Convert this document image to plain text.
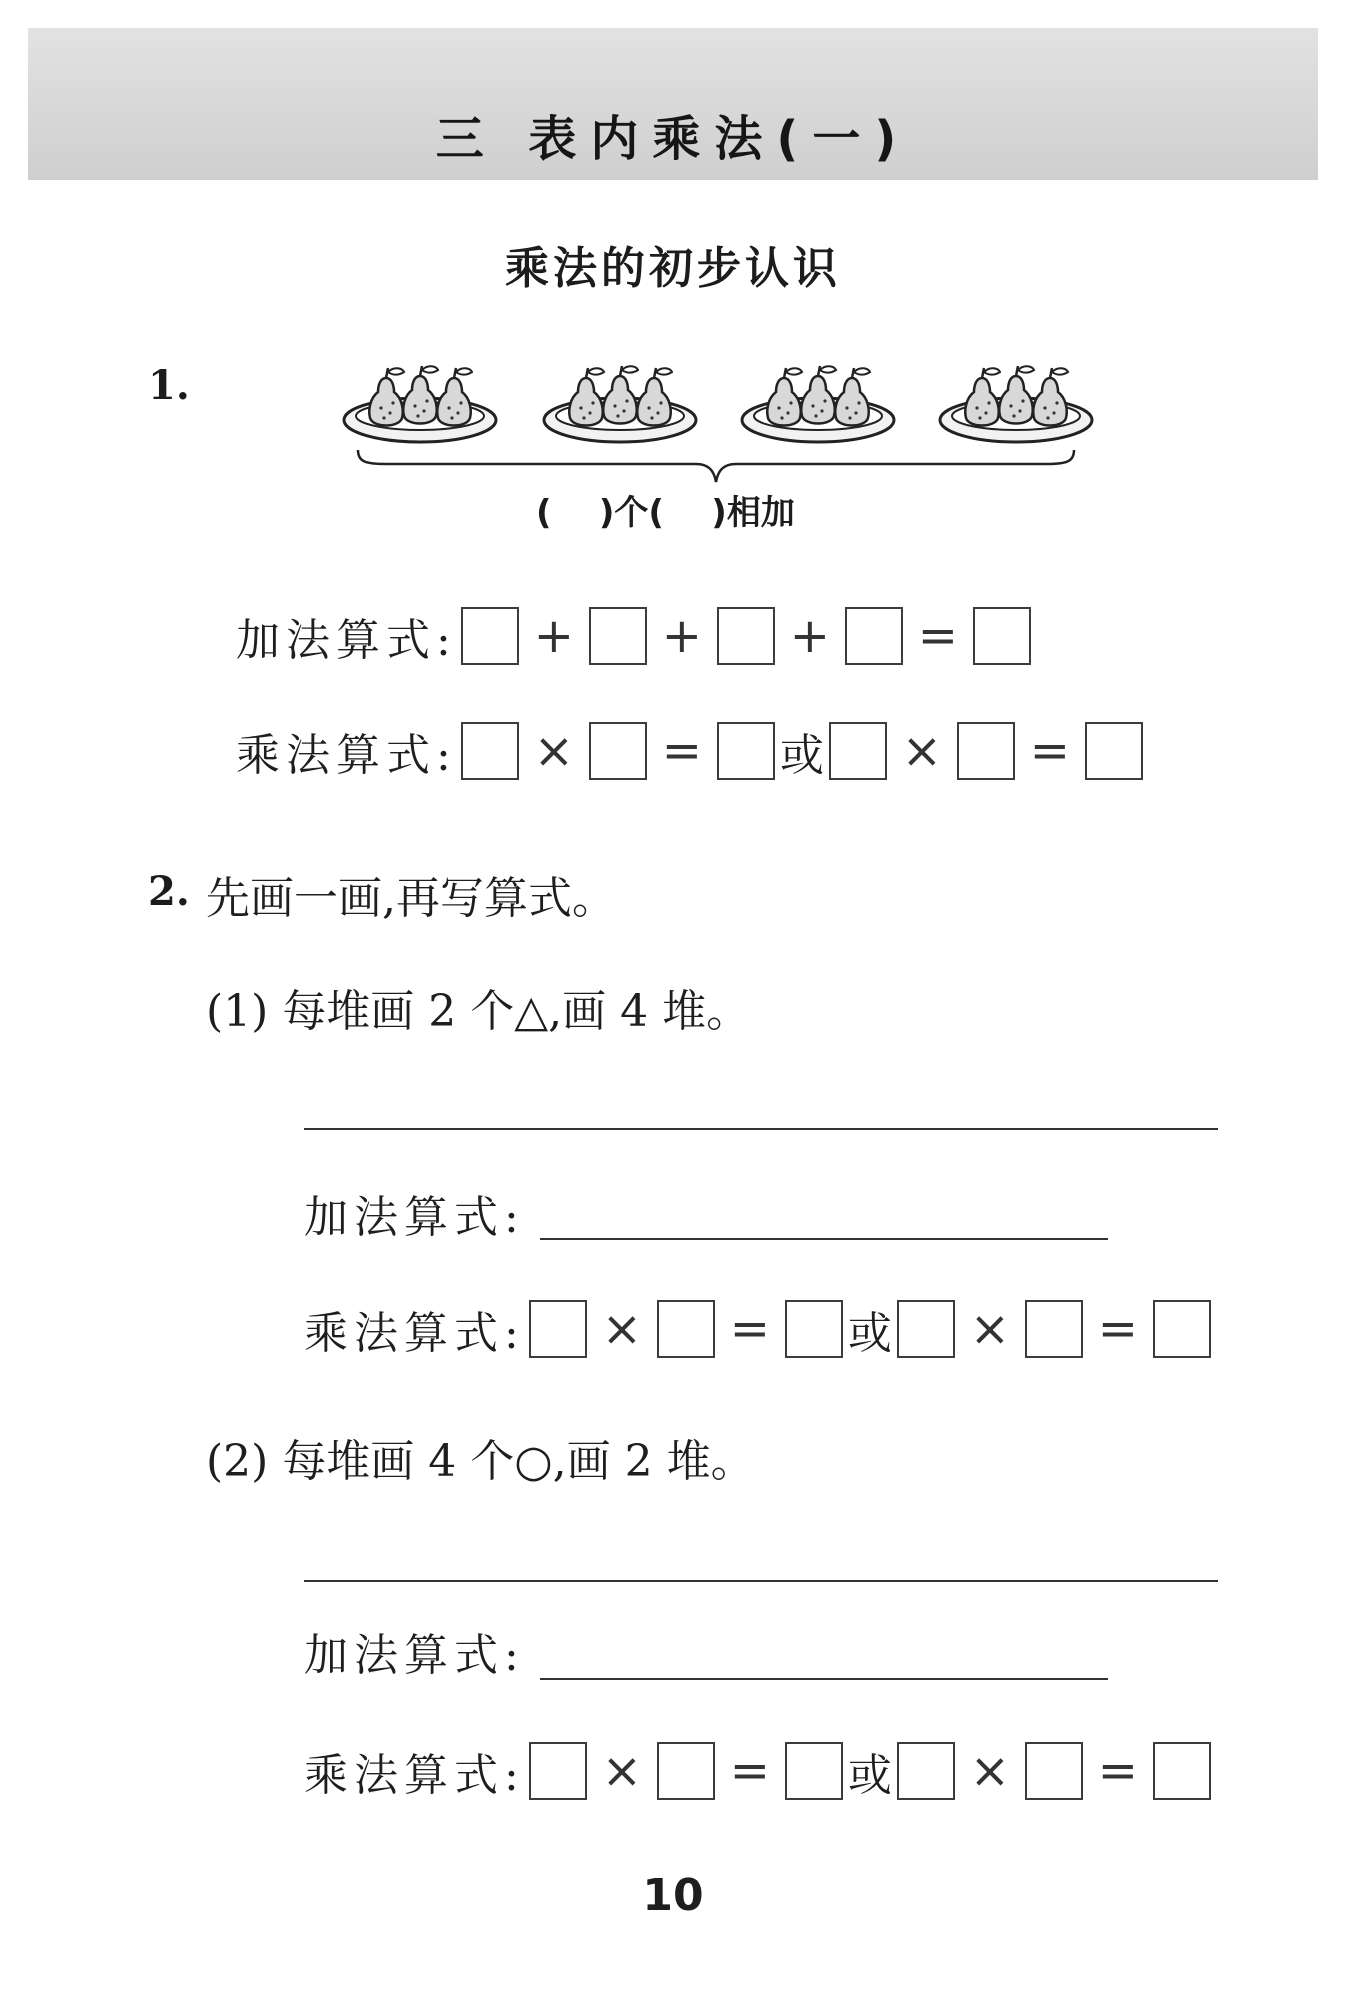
三 表内乘法(一)
乘法的初步认识
1.
(    )个(    )相加
加法算式:	+	+	+	=
乘法算式:	×	=	或	×	=
2. 先画一画,再写算式。
(1) 每堆画 2 个△,画 4 堆。
加法算式:
乘法算式:	×	=	或	×	=
(2) 每堆画 4 个○,画 2 堆。
加法算式:
乘法算式:	×	=	或	×	=
10
